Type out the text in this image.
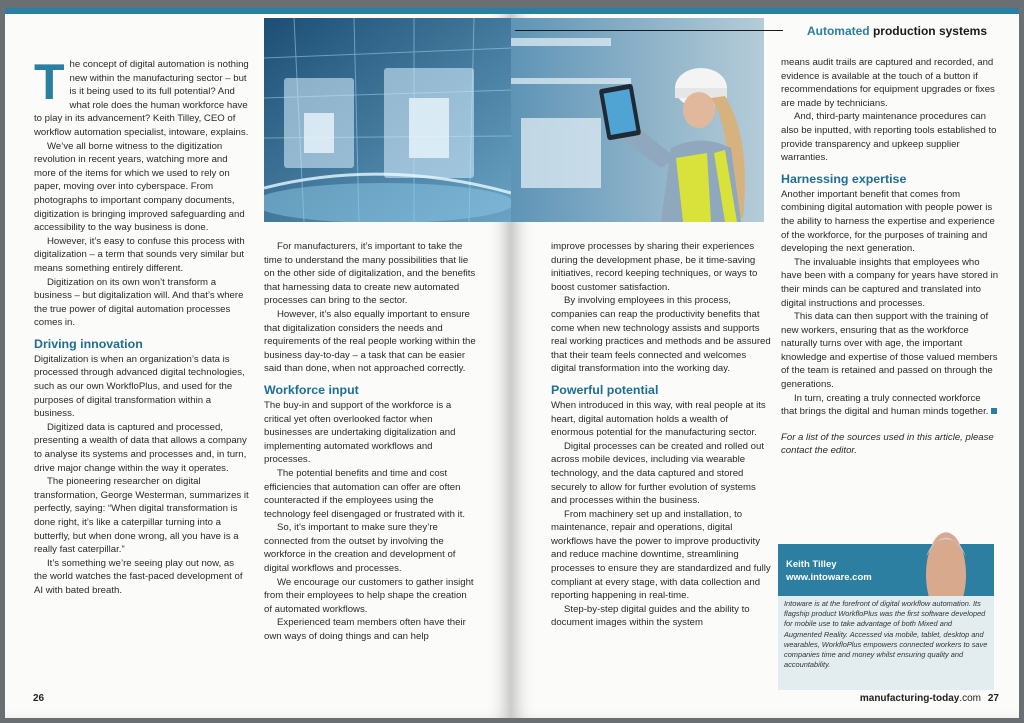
The concept of digital automation is nothing new within the manufacturing sector – but is it being used to its full potential? And what role does the human workforce have to play in its advancement? Keith Tilley, CEO of workflow automation specialist, intoware, explains.

We’ve all borne witness to the digitization revolution in recent years, watching more and more of the items for which we used to rely on paper, moving over into cyberspace. From photographs to important company documents, digitization is bringing improved safeguarding and accessibility to the way business is done.

However, it’s easy to confuse this process with digitalization – a term that sounds very similar but means something entirely different.

Digitization on its own won’t transform a business – but digitalization will. And that’s where the true power of digital automation processes comes in.

Driving innovation

Digitalization is when an organization’s data is processed through advanced digital technologies, such as our own WorkfloPlus, and used for the purposes of digital transformation within a business.

Digitized data is captured and processed, presenting a wealth of data that allows a company to analyse its systems and processes and, in turn, drive major change within the way it operates.

The pioneering researcher on digital transformation, George Westerman, summarizes it perfectly, saying: “When digital transformation is done right, it’s like a caterpillar turning into a butterfly, but when done wrong, all you have is a really fast caterpillar.”

It’s something we’re seeing play out now, as the world watches the fast-paced development of AI with bated breath.

For manufacturers, it’s important to take the time to understand the many possibilities that lie on the other side of digitalization, and the benefits that harnessing data to create new automated processes can bring to the sector.

However, it’s also equally important to ensure that digitalization considers the needs and requirements of the real people working within the business day-to-day – a task that can be easier said than done, when not approached correctly.

Workforce input

The buy-in and support of the workforce is a critical yet often overlooked factor when businesses are undertaking digitalization and implementing automated workflows and processes.

The potential benefits and time and cost efficiencies that automation can offer are often counteracted if the employees using the technology feel disengaged or frustrated with it.

So, it’s important to make sure they’re connected from the outset by involving the workforce in the creation and development of digital workflows and processes.

We encourage our customers to gather insight from their employees to help shape the creation of automated workflows.

Experienced team members often have their own ways of doing things and can help

26
Automated production systems

improve processes by sharing their experiences during the development phase, be it time-saving initiatives, record keeping techniques, or ways to boost customer satisfaction.

By involving employees in this process, companies can reap the productivity benefits that come when new technology assists and supports real working practices and methods and be assured that their team feels connected and welcomes digital transformation into the working day.

Powerful potential

When introduced in this way, with real people at its heart, digital automation holds a wealth of enormous potential for the manufacturing sector.

Digital processes can be created and rolled out across mobile devices, including via wearable technology, and the data captured and stored securely to allow for further evolution of systems and processes within the business.

From machinery set up and installation, to maintenance, repair and operations, digital workflows have the power to improve productivity and reduce machine downtime, streamlining processes to ensure they are standardized and fully compliant at every stage, with data collection and reporting happening in real-time.

Step-by-step digital guides and the ability to document images within the system

means audit trails are captured and recorded, and evidence is available at the touch of a button if recommendations for equipment upgrades or fixes are made by technicians.

And, third-party maintenance procedures can also be inputted, with reporting tools established to provide transparency and upkeep supplier warranties.

Harnessing expertise

Another important benefit that comes from combining digital automation with people power is the ability to harness the expertise and experience of the workforce, for the purposes of training and developing the next generation.

The invaluable insights that employees who have been with a company for years have stored in their minds can be captured and translated into digital instructions and processes.

This data can then support with the training of new workers, ensuring that as the workforce naturally turns over with age, the important knowledge and expertise of those valued members of the team is retained and passed on through the generations.

In turn, creating a truly connected workforce that brings the digital and human minds together.

For a list of the sources used in this article, please contact the editor.

Keith Tilley
www.intoware.com
Intoware is at the forefront of digital workflow automation. Its flagship product WorkfloPlus was the first software developed for mobile use to take advantage of both Mixed and Augmented Reality. Accessed via mobile, tablet, desktop and wearables, WorkfloPlus empowers connected workers to save companies time and money whilst ensuring quality and accountability.
manufacturing-today.com 27
